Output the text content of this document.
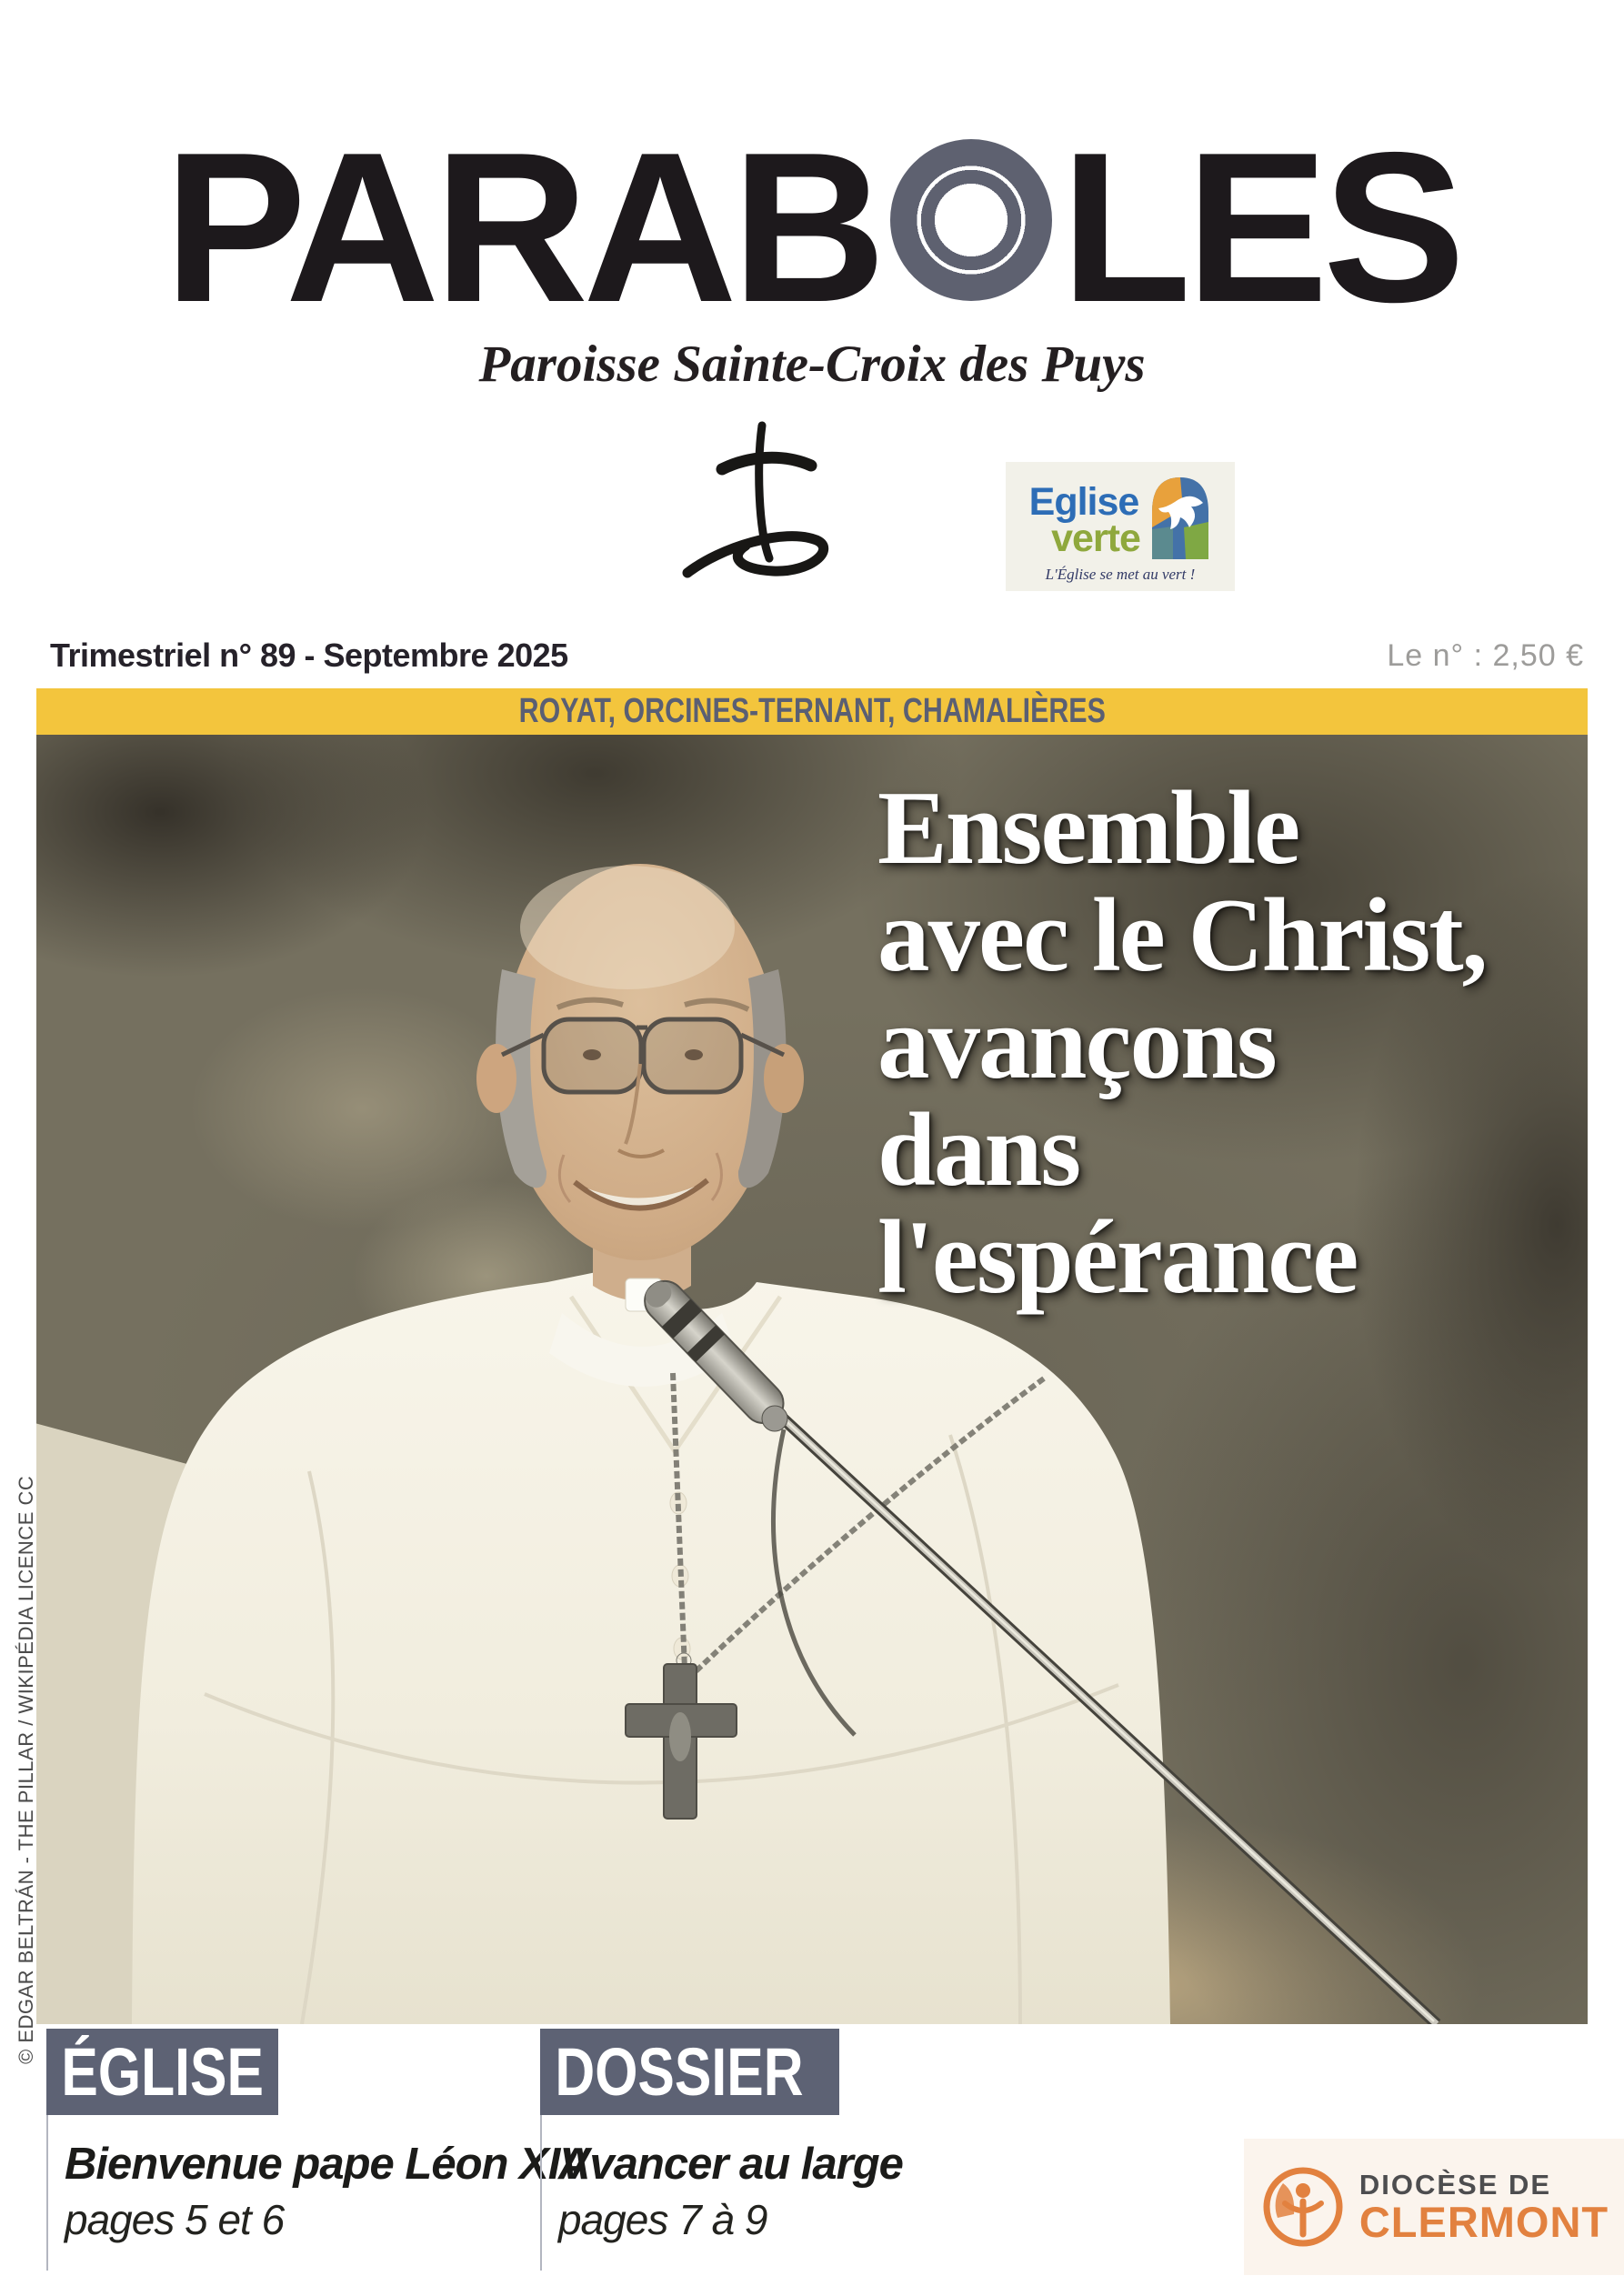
PARAB LES
Paroisse Sainte-Croix des Puys
Eglise
verte
L'Église se met au vert !
Trimestriel n° 89 - Septembre 2025	Le n° : 2,50 €
ROYAT, ORCINES-TERNANT, CHAMALIÈRES
Ensemble
avec le Christ,
avançons
dans
l'espérance
© EDGAR BELTRÁN - THE PILLAR / WIKIPÉDIA LICENCE CC
ÉGLISE
Bienvenue pape Léon XIV
pages 5 et 6
DOSSIER
Avancer au large
pages 7 à 9
DIOCÈSE DE
CLERMONT
